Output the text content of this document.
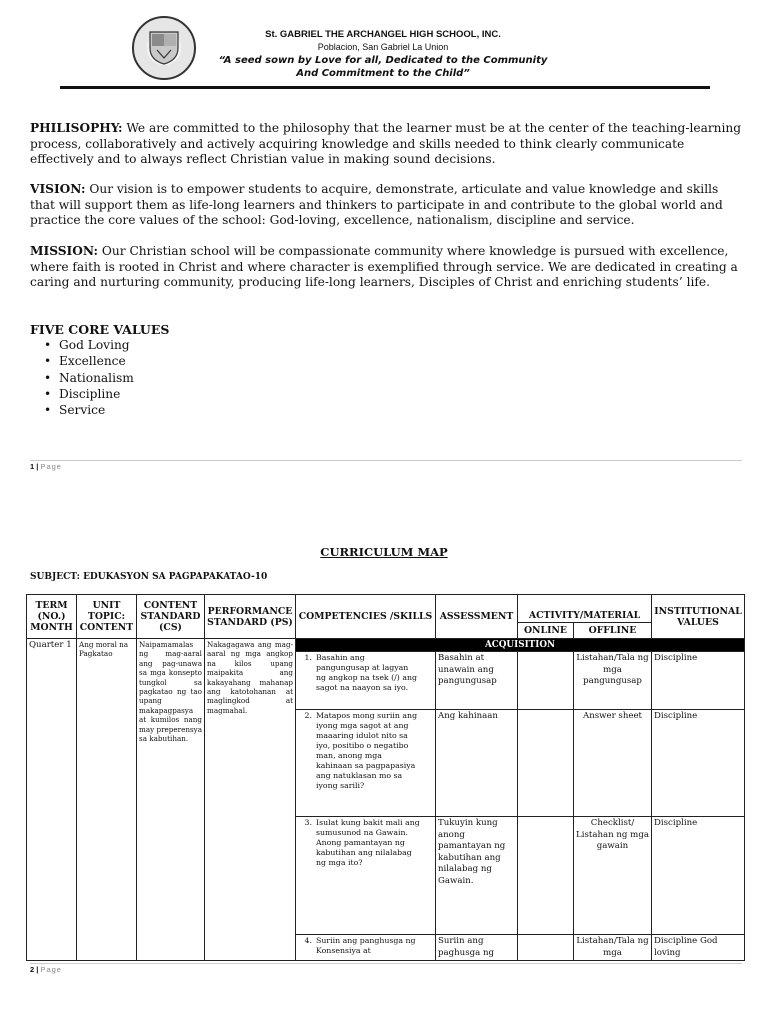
St. GABRIEL THE ARCHANGEL HIGH SCHOOL, INC.
Poblacion, San Gabriel La Union
“A seed sown by Love for all, Dedicated to the Community
And Commitment to the Child”
PHILISOPHY: We are committed to the philosophy that the learner must be at the center of the teaching-learning process, collaboratively and actively acquiring knowledge and skills needed to think clearly communicate effectively and to always reflect Christian value in making sound decisions.
VISION: Our vision is to empower students to acquire, demonstrate, articulate and value knowledge and skills that will support them as life-long learners and thinkers to participate in and contribute to the global world and practice the core values of the school: God-loving, excellence, nationalism, discipline and service.
MISSION: Our Christian school will be compassionate community where knowledge is pursued with excellence, where faith is rooted in Christ and where character is exemplified through service. We are dedicated in creating a caring and nurturing community, producing life-long learners, Disciples of Christ and enriching students’ life.
FIVE CORE VALUES
• God Loving
• Excellence
• Nationalism
• Discipline
• Service
1 | Page
CURRICULUM MAP
SUBJECT: EDUKASYON SA PAGPAPAKATAO-10
TERM (NO.) MONTH	UNIT TOPIC: CONTENT	CONTENT STANDARD (CS)	PERFORMANCE STANDARD (PS)	COMPETENCIES /SKILLS	ASSESSMENT	ACTIVITY/MATERIAL		INSTITUTIONAL VALUES
						ONLINE	OFFLINE	
Quarter 1	Ang moral na Pagkatao	Naipamamalas ng mag-aaral ang pag-unawa sa mga konsepto tungkol sa pagkatao ng tao upang makapagpasya at kumilos nang may preperensya sa kabutihan.	Nakagagawa ang mag-aaral ng mga angkop na kilos upang maipakita ang kakayahang mahanap ang katotohanan at maglingkod at magmahal.	ACQUISITION				
				1. Basahin ang pangungusap at lagyan ng angkop na tsek (/) ang sagot na naayon sa iyo.	Basahin at unawain ang pangungusap		Listahan/Tala ng mga pangungusap	Discipline
				2. Matapos mong suriin ang iyong mga sagot at ang maaaring idulot nito sa iyo, positibo o negatibo man, anong mga kahinaan sa pagpapasiya ang natuklasan mo sa iyong sarili?	Ang kahinaan		Answer sheet	Discipline
				3. Isulat kung bakit mali ang sumusunod na Gawain. Anong pamantayan ng kabutihan ang nilalabag ng mga ito?	Tukuyin kung anong pamantayan ng kabutihan ang nilalabag ng Gawain.		Checklist/ Listahan ng mga gawain	Discipline
				4. Suriin ang panghusga ng Konsensiya at	Suriin ang paghusga ng		Listahan/Tala ng mga	Discipline God loving
2 | Page
